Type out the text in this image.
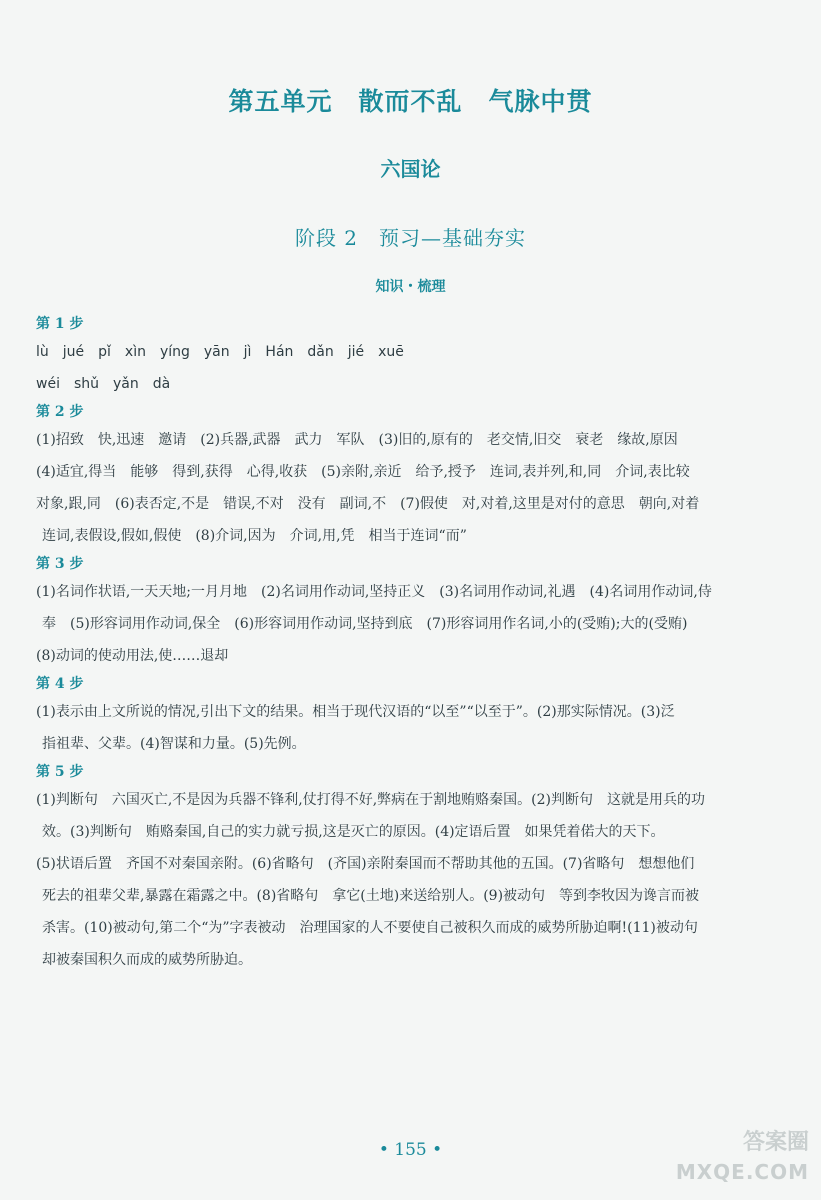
第五单元　散而不乱　气脉中贯
六国论
阶段 2　预习—基础夯实
知识・梳理

第 1 步

lù　jué　pǐ　xìn　yíng　yān　jì　Hán　dǎn　jié　xuē

wéi　shǔ　yǎn　dà

第 2 步

(1)招致　快,迅速　邀请　(2)兵器,武器　武力　军队　(3)旧的,原有的　老交情,旧交　衰老　缘故,原因

(4)适宜,得当　能够　得到,获得　心得,收获　(5)亲附,亲近　给予,授予　连词,表并列,和,同　介词,表比较

对象,跟,同　(6)表否定,不是　错误,不对　没有　副词,不　(7)假使　对,对着,这里是对付的意思　朝向,对着

连词,表假设,假如,假使　(8)介词,因为　介词,用,凭　相当于连词“而”

第 3 步

(1)名词作状语,一天天地;一月月地　(2)名词用作动词,坚持正义　(3)名词用作动词,礼遇　(4)名词用作动词,侍

奉　(5)形容词用作动词,保全　(6)形容词用作动词,坚持到底　(7)形容词用作名词,小的(受贿);大的(受贿)

(8)动词的使动用法,使……退却

第 4 步

(1)表示由上文所说的情况,引出下文的结果。相当于现代汉语的“以至”“以至于”。(2)那实际情况。(3)泛

指祖辈、父辈。(4)智谋和力量。(5)先例。

第 5 步

(1)判断句　六国灭亡,不是因为兵器不锋利,仗打得不好,弊病在于割地贿赂秦国。(2)判断句　这就是用兵的功

效。(3)判断句　贿赂秦国,自己的实力就亏损,这是灭亡的原因。(4)定语后置　如果凭着偌大的天下。

(5)状语后置　齐国不对秦国亲附。(6)省略句　(齐国)亲附秦国而不帮助其他的五国。(7)省略句　想想他们

死去的祖辈父辈,暴露在霜露之中。(8)省略句　拿它(土地)来送给别人。(9)被动句　等到李牧因为谗言而被

杀害。(10)被动句,第二个“为”字表被动　治理国家的人不要使自己被积久而成的威势所胁迫啊!(11)被动句

却被秦国积久而成的威势所胁迫。

• 155 •	答案圈
MXQE.COM
